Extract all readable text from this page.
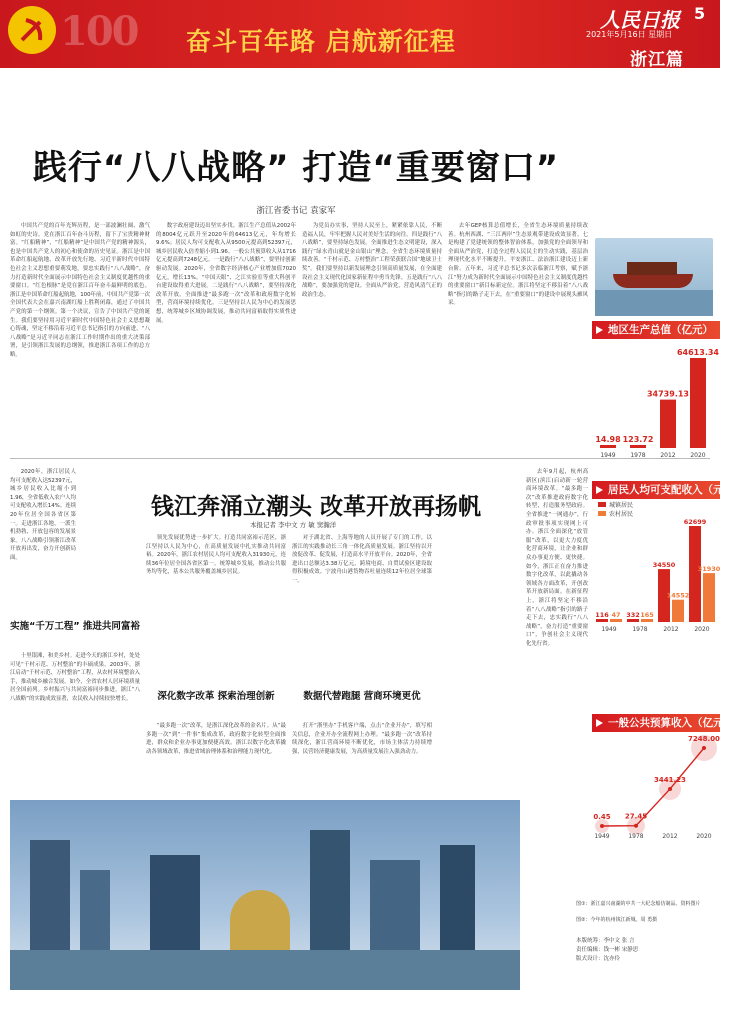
100 奋斗百年路 启航新征程
人民日报 5
2021年5月16日 星期日
浙江篇
践行“八八战略” 打造“重要窗口”
浙江省委书记 袁家军
中国共产党的百年光辉历程，是一部波澜壮阔、激气如虹的史诗。党在浙江百年奋斗历程，留下了宝贵精神财富。“红船精神”，“红船精神”是中国共产党的精神源头，也是中国共产党人的初心和使命的历史见证。浙江是中国革命红船起航地、改革开放先行地、习近平新时代中国特色社会主义思想重要萌发地，要忠实践行“八八战略”，奋力打造新时代全面展示中国特色社会主义制度优越性的重要窗口。“红色根脉”是党在浙江百年奋斗最鲜明的底色。浙江是中国革命红船起航地，100年前，中国共产党第一次全国代表大会在嘉兴南湖红船上胜利闭幕，通过了中国共产党的第一个纲领。第一个决议，宣告了中国共产党的诞生。我们要坚持用习近平新时代中国特色社会主义思想凝心铸魂，坚定不移沿着习近平总书记指引的方向前进。“八八战略”是习近平同志在浙江工作时期作出的重大决策部署，是引领浙江发展的总纲领，推进浙江各项工作的总方略。
数字政府建设迈出坚实步伐。浙江生产总值从2002年的8004亿元跃升至2020年的64613亿元，年均增长9.6%；居民人均可支配收入从9500元提高到52397元，城乡居民收入倍差缩小到1.96。一般公共预算收入从1716亿元提高到7248亿元。一是践行“八八战略”，要坚持创新驱动发展。2020年，全省数字经济核心产业增加值7020亿元，增长13%。“中国天眼”、之江实验室等重大科创平台建设取得重大进展。二是践行“八八战略”，要坚持深化改革开放。全面推进“最多跑一次”改革和政府数字化转型，营商环境持续优化。三是坚持以人民为中心的发展思想，统筹城乡区域协调发展，推动共同富裕取得实质性进展。
为党员办实事，坚持人民至上，紧紧依靠人民，不断造福人民，牢牢把握人民对美好生活的向往。四是践行“八八战略”，要坚持绿色发展。全面推进生态文明建设，深入践行“绿水青山就是金山银山”理念，全省生态环境质量持续改善。“千村示范、万村整治”工程荣获联合国“地球卫士奖”。我们要坚持以新发展理念引领高质量发展，在全面建设社会主义现代化国家新征程中勇当先锋。五是践行“八八战略”，要加强党的建设。全面从严治党，营造风清气正的政治生态。
去年GEP核算总值增长，全省生态环境质量持续改善。杭州西湖、“三江两岸”生态景观带建设成效显著。七是构建了党建统领的整体智治体系，加强党的全面领导和全面从严治党，打造全过程人民民主的生动实践，基层治理现代化水平不断提升，平安浙江、法治浙江建设迈上新台阶。五年来，习近平总书记多次亲临浙江考察，赋予浙江“努力成为新时代全面展示中国特色社会主义制度优越性的重要窗口”新目标新定位。浙江将坚定不移沿着“八八战略”指引的路子走下去，在“重要窗口”的建设中展现头雁风采。
地区生产总值（亿元）
14.98
1949
123.72
1978
34739.13
2012
64613.34
2020
居民人均可支配收入（元）
城镇居民
农村居民
116 47
1949
332 165
1978
34550
14552
2012
62699
31930
2020
一般公共预算收入（亿元）
0.45
1949
27.45
1978
3441.23
2012
7248.00
2020
钱江奔涌立潮头 改革开放再扬帆
本报记者 李中文 方 敏 窦瀚洋
2020年，浙江居民人均可支配收入达52397元，城乡居民收入比缩小到1.96，全省低收入农户人均可支配收入增长14%。连续20年位居全国各省区第一。走进浙江各地，一派生机勃勃、开放包容的发展景象。八八战略引领浙江改革开放再出发，奋力开创新局面。
实施“千万工程” 推进共同富裕
十里银滩，和美乡村。走进今天的浙江乡村，处处可见“千村示范、万村整治”的丰硕成果。2003年，浙江启动“千村示范、万村整治”工程，从农村环境整治入手，推动城乡融合发展。如今，全省农村人居环境质量居全国前列。乡村振兴与共同富裕同步推进，浙江“八八战略”的实践成效显著，农民收入持续较快增长。
领先发展优势进一步扩大。打造共同富裕示范区，浙江坚持以人民为中心，在高质量发展中扎实推动共同富裕。2020年，浙江农村居民人均可支配收入31930元，连续36年位居全国各省区第一。统筹城乡发展，推动公共服务均等化，基本公共服务覆盖城乡居民。
深化数字改革 探索治理创新
“最多跑一次”改革，是浙江深化改革的金名片。从“最多跑一次”到“一件事”集成改革，政府数字化转型全面推进，群众和企业办事更加便捷高效。浙江以数字化改革撬动各领域改革，推进省域治理体系和治理能力现代化。
对于湖北省、上海等地的人员开展了专门的工作，以浙江的实践推动长三角一体化高质量发展。浙江坚持以开放促改革、促发展，打造高水平开放平台。2020年，全省进出口总额达3.38万亿元，跨境电商、自贸试验区建设取得积极成效。宁波舟山港货物吞吐量连续12年位居全球第一。
数据代替跑腿 营商环境更优
打开“浙里办”手机客户端，点击“企业开办”，填写相关信息，企业开办全流程网上办理。“最多跑一次”改革持续深化，浙江营商环境不断优化，市场主体活力持续增强，民营经济健康发展，为高质量发展注入强劲动力。
去年9月起，杭州高新区(滨江)启动新一轮营商环境改革。“最多跑一次”改革推进政府数字化转型，打造服务型政府。全省推进“一网通办”，行政审批事项实现网上可办。浙江全面深化“放管服”改革，以更大力度优化营商环境，让企业和群众办事更方便、更快捷。如今，浙江正在奋力推进数字化改革，以此撬动各领域各方面改革，开创改革开放新局面。在新征程上，浙江将坚定不移沿着“八八战略”指引的路子走下去，忠实践行“八八战略”，奋力打造“重要窗口”，争创社会主义现代化先行省。
图①：浙江嘉兴南湖的中共一大纪念船仿制品。资料图片
图②：今年的杭州钱江新城。周 勇摄
本版统筹：李中文 张 言
责任编辑：钱一彬 宋静思
版式设计：沈亦伶
